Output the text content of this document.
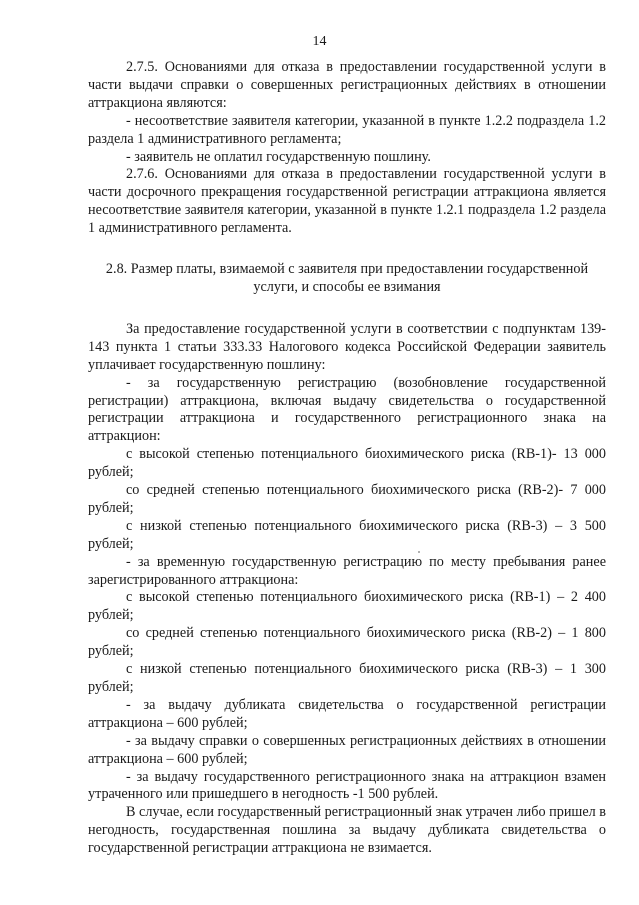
14

2.7.5. Основаниями для отказа в предоставлении государственной услуги в части выдачи справки о совершенных регистрационных действиях в отношении аттракциона являются:

- несоответствие заявителя категории, указанной в пункте 1.2.2 подраздела 1.2 раздела 1 административного регламента;

- заявитель не оплатил государственную пошлину.

2.7.6. Основаниями для отказа в предоставлении государственной услуги в части досрочного прекращения государственной регистрации аттракциона является несоответствие заявителя категории, указанной в пункте 1.2.1 подраздела 1.2 раздела 1 административного регламента.

2.8. Размер платы, взимаемой с заявителя при предоставлении государственной услуги, и способы ее взимания

За предоставление государственной услуги в соответствии с подпунктам 139-143 пункта 1 статьи 333.33 Налогового кодекса Российской Федерации заявитель уплачивает государственную пошлину:

- за государственную регистрацию (возобновление государственной регистрации) аттракциона, включая выдачу свидетельства о государственной регистрации аттракциона и государственного регистрационного знака на аттракцион:

с высокой степенью потенциального биохимического риска (RB-1)- 13 000 рублей;

со средней степенью потенциального биохимического риска (RB-2)- 7 000 рублей;

с низкой степенью потенциального биохимического риска (RB-3) – 3 500 рублей;

- за временную государственную регистрацию по месту пребывания ранее зарегистрированного аттракциона:

с высокой степенью потенциального биохимического риска (RB-1) – 2 400 рублей;

со средней степенью потенциального биохимического риска (RB-2) – 1 800 рублей;

с низкой степенью потенциального биохимического риска (RB-3) – 1 300 рублей;

- за выдачу дубликата свидетельства о государственной регистрации аттракциона – 600 рублей;

- за выдачу справки о совершенных регистрационных действиях в отношении аттракциона – 600 рублей;

- за выдачу государственного регистрационного знака на аттракцион взамен утраченного или пришедшего в негодность -1 500 рублей.

В случае, если государственный регистрационный знак утрачен либо пришел в негодность, государственная пошлина за выдачу дубликата свидетельства о государственной регистрации аттракциона не взимается.
